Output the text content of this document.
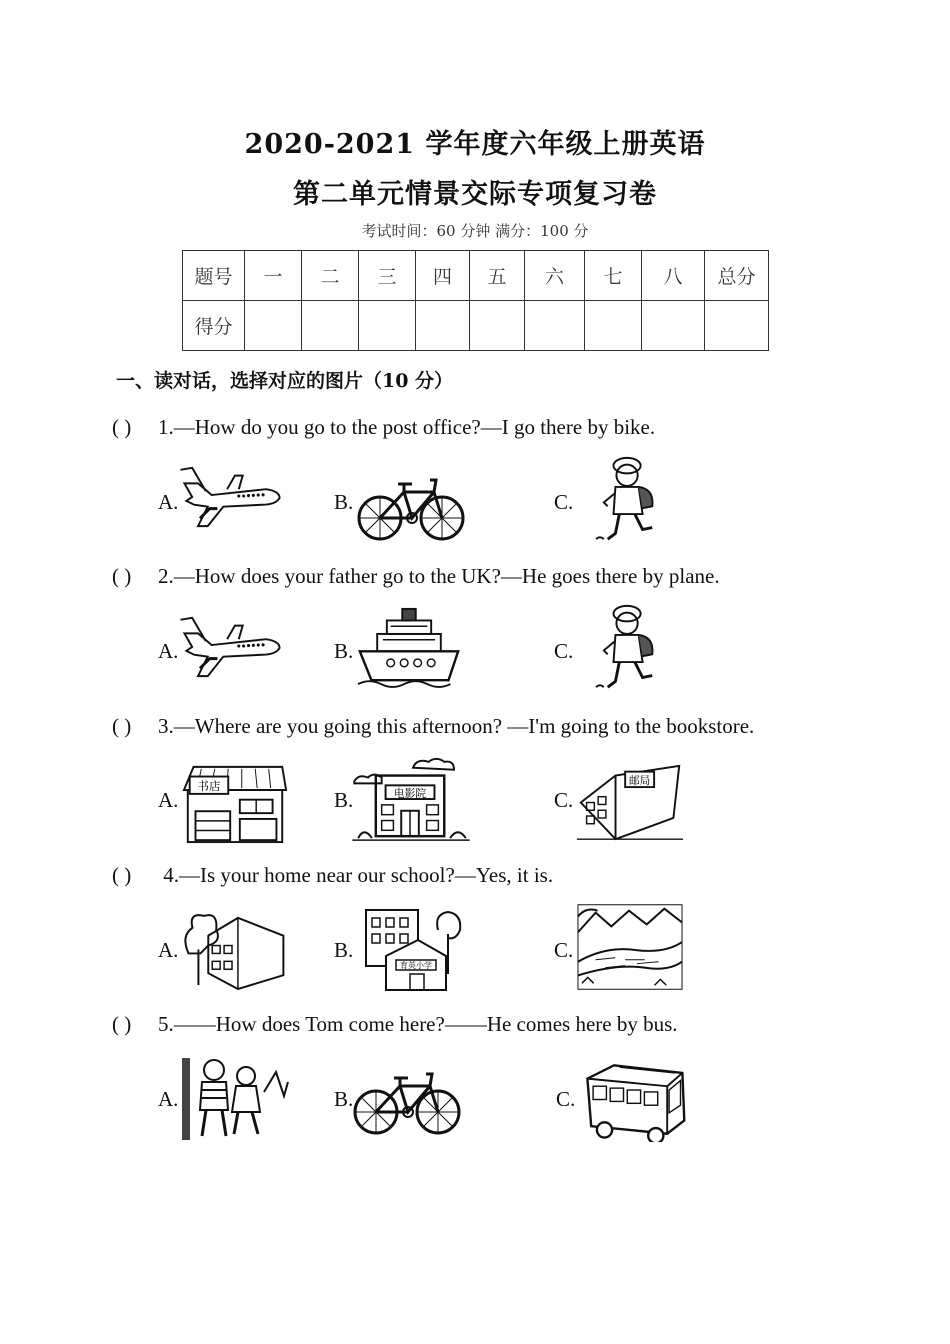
2020-2021 学年度六年级上册英语
第二单元情景交际专项复习卷
考试时间：60 分钟 满分：100 分
题号	一	二	三	四	五	六	七	八	总分
得分									
一、读对话，选择对应的图片（10 分）
( ) 1.—How do you go to the post office?—I go there by bike.
A.	B.	C.
( ) 2.—How does your father go to the UK?—He goes there by plane.
A.	B.	C.
( ) 3.—Where are you going this afternoon? —I'm going to the bookstore.
A.	B.	C.
( ) 4.—Is your home near our school?—Yes, it is.
A.	B.	C.
( ) 5.——How does Tom come here?——He comes here by bus.
A.	B.	C.
